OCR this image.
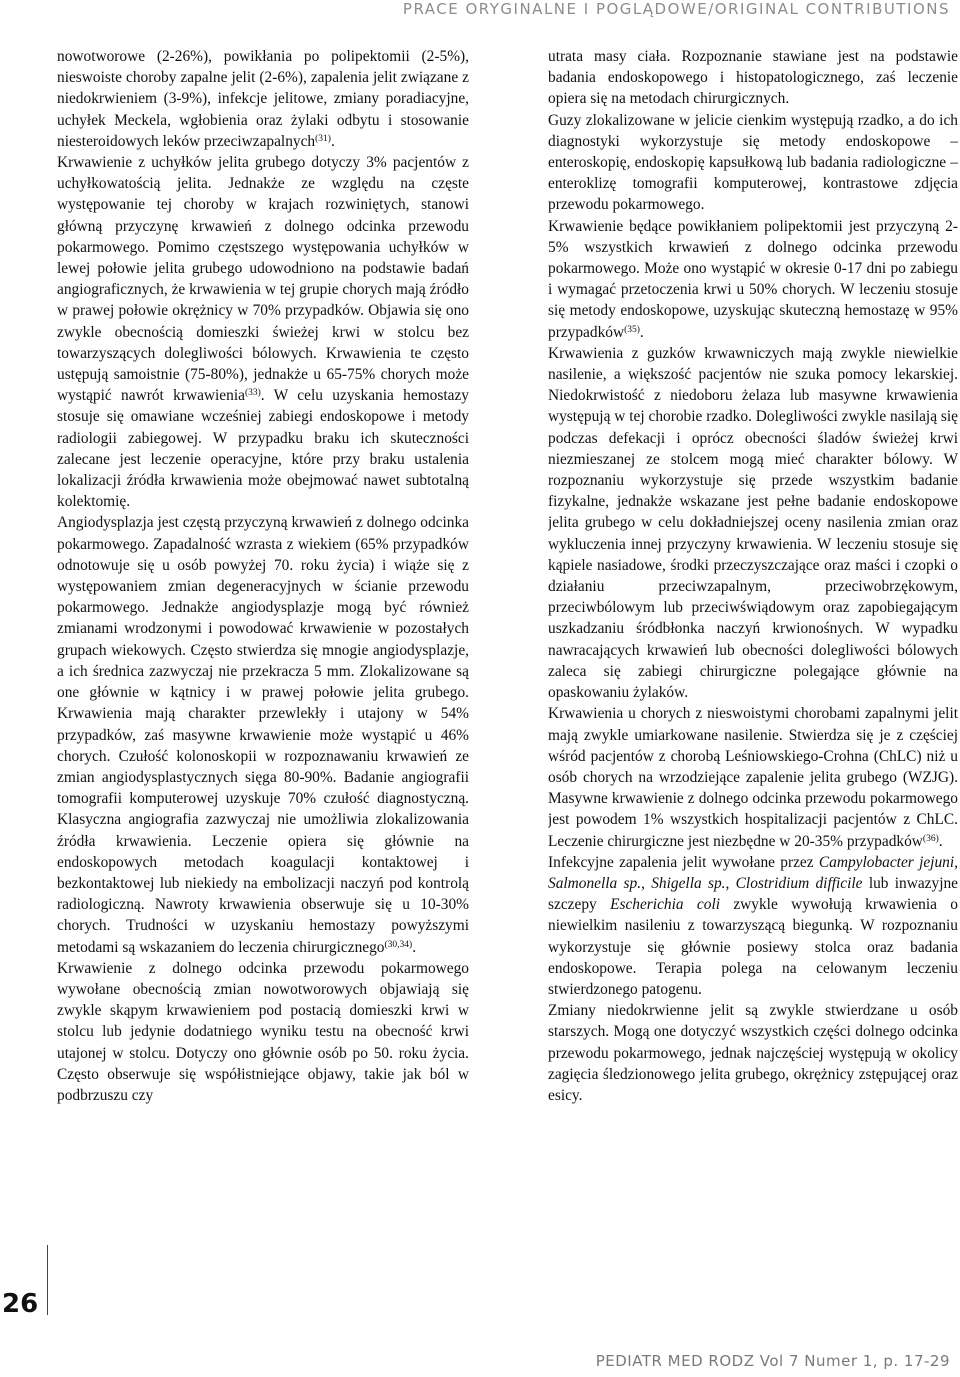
PRACE ORYGINALNE I POGLĄDOWE/ORIGINAL CONTRIBUTIONS

nowotworowe (2-26%), powikłania po polipektomii (2-5%), nieswoiste choroby zapalne jelit (2-6%), zapalenia jelit związane z niedokrwieniem (3-9%), infekcje jelitowe, zmiany poradiacyjne, uchyłek Meckela, wgłobienia oraz żylaki odbytu i stosowanie niesteroidowych leków przeciwzapalnych$^{(31)}$.

Krwawienie z uchyłków jelita grubego dotyczy 3% pacjentów z uchyłkowatością jelita. Jednakże ze względu na częste występowanie tej choroby w krajach rozwiniętych, stanowi główną przyczynę krwawień z dolnego odcinka przewodu pokarmowego. Pomimo częstszego występowania uchyłków w lewej połowie jelita grubego udowodniono na podstawie badań angiograficznych, że krwawienia w tej grupie chorych mają źródło w prawej połowie okrężnicy w 70% przypadków. Objawia się ono zwykle obecnością domieszki świeżej krwi w stolcu bez towarzyszących dolegliwości bólowych. Krwawienia te często ustępują samoistnie (75-80%), jednakże u 65-75% chorych może wystąpić nawrót krwawienia$^{(33)}$. W celu uzyskania hemostazy stosuje się omawiane wcześniej zabiegi endoskopowe i metody radiologii zabiegowej. W przypadku braku ich skuteczności zalecane jest leczenie operacyjne, które przy braku ustalenia lokalizacji źródła krwawienia może obejmować nawet subtotalną kolektomię.

Angiodysplazja jest częstą przyczyną krwawień z dolnego odcinka pokarmowego. Zapadalność wzrasta z wiekiem (65% przypadków odnotowuje się u osób powyżej 70. roku życia) i wiąże się z występowaniem zmian degeneracyjnych w ścianie przewodu pokarmowego. Jednakże angiodysplazje mogą być również zmianami wrodzonymi i powodować krwawienie w pozostałych grupach wiekowych. Często stwierdza się mnogie angiodysplazje, a ich średnica zazwyczaj nie przekracza 5 mm. Zlokalizowane są one głównie w kątnicy i w prawej połowie jelita grubego. Krwawienia mają charakter przewlekły i utajony w 54% przypadków, zaś masywne krwawienie może wystąpić u 46% chorych. Czułość kolonoskopii w rozpoznawaniu krwawień ze zmian angiodysplastycznych sięga 80-90%. Badanie angiografii tomografii komputerowej uzyskuje 70% czułość diagnostyczną. Klasyczna angiografia zazwyczaj nie umożliwia zlokalizowania źródła krwawienia. Leczenie opiera się głównie na endoskopowych metodach koagulacji kontaktowej i bezkontaktowej lub niekiedy na embolizacji naczyń pod kontrolą radiologiczną. Nawroty krwawienia obserwuje się u 10-30% chorych. Trudności w uzyskaniu hemostazy powyższymi metodami są wskazaniem do leczenia chirurgicznego$^{(30,34)}$.

Krwawienie z dolnego odcinka przewodu pokarmowego wywołane obecnością zmian nowotworowych objawiają się zwykle skąpym krwawieniem pod postacią domieszki krwi w stolcu lub jedynie dodatniego wyniku testu na obecność krwi utajonej w stolcu. Dotyczy ono głównie osób po 50. roku życia. Często obserwuje się współistniejące objawy, takie jak ból w podbrzuszu czy

utrata masy ciała. Rozpoznanie stawiane jest na podstawie badania endoskopowego i histopatologicznego, zaś leczenie opiera się na metodach chirurgicznych.

Guzy zlokalizowane w jelicie cienkim występują rzadko, a do ich diagnostyki wykorzystuje się metody endoskopowe – enteroskopię, endoskopię kapsułkową lub badania radiologiczne – enteroklizę tomografii komputerowej, kontrastowe zdjęcia przewodu pokarmowego.

Krwawienie będące powikłaniem polipektomii jest przyczyną 2-5% wszystkich krwawień z dolnego odcinka przewodu pokarmowego. Może ono wystąpić w okresie 0-17 dni po zabiegu i wymagać przetoczenia krwi u 50% chorych. W leczeniu stosuje się metody endoskopowe, uzyskując skuteczną hemostazę w 95% przypadków$^{(35)}$.

Krwawienia z guzków krwawniczych mają zwykle niewielkie nasilenie, a większość pacjentów nie szuka pomocy lekarskiej. Niedokrwistość z niedoboru żelaza lub masywne krwawienia występują w tej chorobie rzadko. Dolegliwości zwykle nasilają się podczas defekacji i oprócz obecności śladów świeżej krwi niezmieszanej ze stolcem mogą mieć charakter bólowy. W rozpoznaniu wykorzystuje się przede wszystkim badanie fizykalne, jednakże wskazane jest pełne badanie endoskopowe jelita grubego w celu dokładniejszej oceny nasilenia zmian oraz wykluczenia innej przyczyny krwawienia. W leczeniu stosuje się kąpiele nasiadowe, środki przeczyszczające oraz maści i czopki o działaniu przeciwzapalnym, przeciwobrzękowym, przeciwbólowym lub przeciwświądowym oraz zapobiegającym uszkadzaniu śródbłonka naczyń krwionośnych. W wypadku nawracających krwawień lub obecności dolegliwości bólowych zaleca się zabiegi chirurgiczne polegające głównie na opaskowaniu żylaków.

Krwawienia u chorych z nieswoistymi chorobami zapalnymi jelit mają zwykle umiarkowane nasilenie. Stwierdza się je z częściej wśród pacjentów z chorobą Leśniowskiego-Crohna (ChLC) niż u osób chorych na wrzodziejące zapalenie jelita grubego (WZJG). Masywne krwawienie z dolnego odcinka przewodu pokarmowego jest powodem 1% wszystkich hospitalizacji pacjentów z ChLC. Leczenie chirurgiczne jest niezbędne w 20-35% przypadków$^{(36)}$.

Infekcyjne zapalenia jelit wywołane przez Campylobacter jejuni, Salmonella sp., Shigella sp., Clostridium difficile lub inwazyjne szczepy Escherichia coli zwykle wywołują krwawienia o niewielkim nasileniu z towarzyszącą biegunką. W rozpoznaniu wykorzystuje się głównie posiewy stolca oraz badania endoskopowe. Terapia polega na celowanym leczeniu stwierdzonego patogenu.

Zmiany niedokrwienne jelit są zwykle stwierdzane u osób starszych. Mogą one dotyczyć wszystkich części dolnego odcinka przewodu pokarmowego, jednak najczęściej występują w okolicy zagięcia śledzionowego jelita grubego, okrężnicy zstępującej oraz esicy.

26
PEDIATR MED RODZ Vol 7 Numer 1, p. 17-29
